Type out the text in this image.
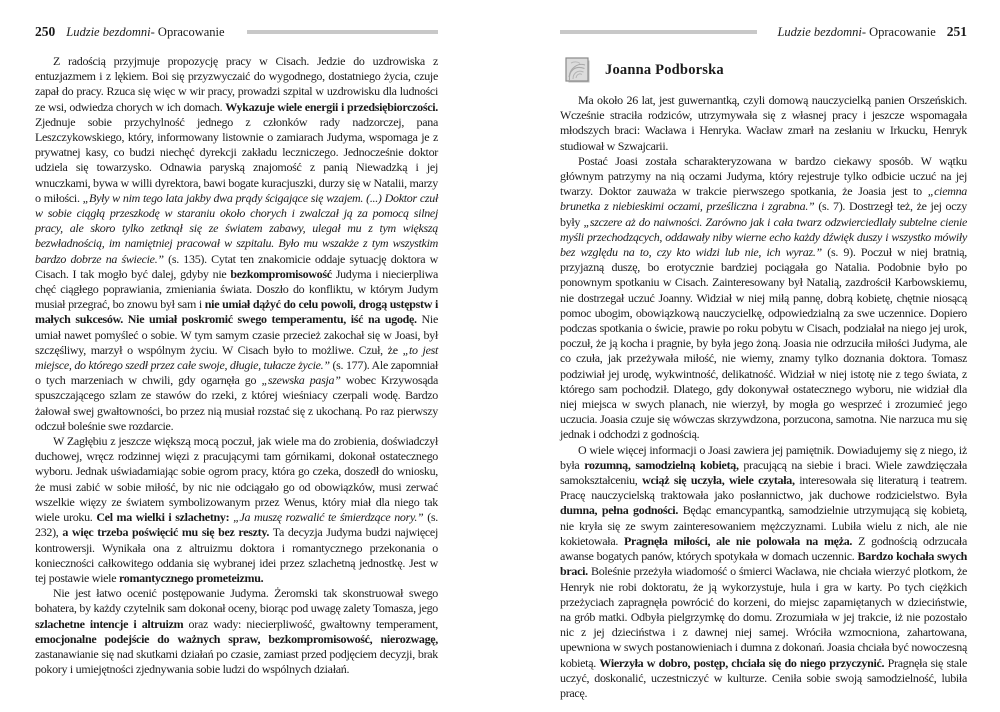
250 Ludzie bezdomni - Opracowanie

Z radością przyjmuje propozycję pracy w Cisach. Jedzie do uzdrowiska z entuzjazmem i z lękiem. Boi się przyzwyczaić do wygodnego, dostatniego życia, czuje zapał do pracy. Rzuca się więc w wir pracy, prowadzi szpital w uzdrowisku dla ludności ze wsi, odwiedza chorych w ich domach. Wykazuje wiele energii i przedsiębiorczości. Zjednuje sobie przychylność jednego z członków rady nadzorczej, pana Leszczykowskiego, który, informowany listownie o zamiarach Judyma, wspomaga je z prywatnej kasy, co budzi niechęć dyrekcji zakładu leczniczego. Jednocześnie doktor udziela się towarzysko. Odnawia paryską znajomość z panią Niewadzką i jej wnuczkami, bywa w willi dyrektora, bawi bogate kuracjuszki, durzy się w Natalii, marzy o miłości. „Były w nim tego lata jakby dwa prądy ścigające się wzajem. (...) Doktor czuł w sobie ciągłą przeszkodę w staraniu około chorych i zwalczał ją za pomocą silnej pracy, ale skoro tylko zetknął się ze światem zabawy, ulegał mu z tym większą bezwładnością, im namiętniej pracował w szpitalu. Było mu wszakże z tym wszystkim bardzo dobrze na świecie.” (s. 135). Cytat ten znakomicie oddaje sytuację doktora w Cisach. I tak mogło być dalej, gdyby nie bezkompromisowość Judyma i niecierpliwa chęć ciągłego poprawiania, zmieniania świata. Doszło do konfliktu, w którym Judym musiał przegrać, bo znowu był sam i nie umiał dążyć do celu powoli, drogą ustępstw i małych sukcesów. Nie umiał poskromić swego temperamentu, iść na ugodę. Nie umiał nawet pomyśleć o sobie. W tym samym czasie przecież zakochał się w Joasi, był szczęśliwy, marzył o wspólnym życiu. W Cisach było to możliwe. Czuł, że „to jest miejsce, do którego szedł przez całe swoje, długie, tułacze życie.” (s. 177). Ale zapomniał o tych marzeniach w chwili, gdy ogarnęła go „szewska pasja” wobec Krzywosąda spuszczającego szlam ze stawów do rzeki, z której wieśniacy czerpali wodę. Bardzo żałował swej gwałtowności, bo przez nią musiał rozstać się z ukochaną. Po raz pierwszy odczuł boleśnie swe rozdarcie.

W Zagłębiu z jeszcze większą mocą poczuł, jak wiele ma do zrobienia, doświadczył duchowej, wręcz rodzinnej więzi z pracującymi tam górnikami, dokonał ostatecznego wyboru. Jednak uświadamiając sobie ogrom pracy, która go czeka, doszedł do wniosku, że musi zabić w sobie miłość, by nic nie odciągało go od obowiązków, musi zerwać wszelkie więzy ze światem symbolizowanym przez Wenus, który miał dla niego tak wiele uroku. Cel ma wielki i szlachetny: „Ja muszę rozwalić te śmierdzące nory.” (s. 232), a więc trzeba poświęcić mu się bez reszty. Ta decyzja Judyma budzi najwięcej kontrowersji. Wynikała ona z altruizmu doktora i romantycznego przekonania o konieczności całkowitego oddania się wybranej idei przez szlachetną jednostkę. Jest w tej postawie wiele romantycznego prometeizmu.

Nie jest łatwo ocenić postępowanie Judyma. Żeromski tak skonstruował swego bohatera, by każdy czytelnik sam dokonał oceny, biorąc pod uwagę zalety Tomasza, jego szlachetne intencje i altruizm oraz wady: niecierpliwość, gwałtowny temperament, emocjonalne podejście do ważnych spraw, bezkompromisowość, nierozwagę, zastanawianie się nad skutkami działań po czasie, zamiast przed podjęciem decyzji, brak pokory i umiejętności zjednywania sobie ludzi do wspólnych działań.

Ludzie bezdomni - Opracowanie 251
Joanna Podborska

Ma około 26 lat, jest guwernantką, czyli domową nauczycielką panien Orszeńskich. Wcześnie straciła rodziców, utrzymywała się z własnej pracy i jeszcze wspomagała młodszych braci: Wacława i Henryka. Wacław zmarł na zesłaniu w Irkucku, Henryk studiował w Szwajcarii.

Postać Joasi została scharakteryzowana w bardzo ciekawy sposób. W wątku głównym patrzymy na nią oczami Judyma, który rejestruje tylko odbicie uczuć na jej twarzy. Doktor zauważa w trakcie pierwszego spotkania, że Joasia jest to „ciemna brunetka z niebieskimi oczami, prześliczna i zgrabna.” (s. 7). Dostrzegł też, że jej oczy były „szczere aż do naiwności. Zarówno jak i cała twarz odzwierciedlały subtelne cienie myśli przechodzących, oddawały niby wierne echo każdy dźwięk duszy i wszystko mówiły bez względu na to, czy kto widzi lub nie, ich wyraz.” (s. 9). Poczuł w niej bratnią, przyjazną duszę, bo erotycznie bardziej pociągała go Natalia. Podobnie było po ponownym spotkaniu w Cisach. Zainteresowany był Natalią, zazdrościł Karbowskiemu, nie dostrzegał uczuć Joanny. Widział w niej miłą pannę, dobrą kobietę, chętnie niosącą pomoc ubogim, obowiązkową nauczycielkę, odpowiedzialną za swe uczennice. Dopiero podczas spotkania o świcie, prawie po roku pobytu w Cisach, podziałał na niego jej urok, poczuł, że ją kocha i pragnie, by była jego żoną. Joasia nie odrzuciła miłości Judyma, ale co czuła, jak przeżywała miłość, nie wiemy, znamy tylko doznania doktora. Tomasz podziwiał jej urodę, wykwintność, delikatność. Widział w niej istotę nie z tego świata, z którego sam pochodził. Dlatego, gdy dokonywał ostatecznego wyboru, nie widział dla niej miejsca w swych planach, nie wierzył, by mogła go wesprzeć i zrozumieć jego uczucia. Joasia czuje się wówczas skrzywdzona, porzucona, samotna. Nie narzuca mu się jednak i odchodzi z godnością.

O wiele więcej informacji o Joasi zawiera jej pamiętnik. Dowiadujemy się z niego, iż była rozumną, samodzielną kobietą, pracującą na siebie i braci. Wiele zawdzięczała samokształceniu, wciąż się uczyła, wiele czytała, interesowała się literaturą i teatrem. Pracę nauczycielską traktowała jako posłannictwo, jak duchowe rodzicielstwo. Była dumna, pełna godności. Będąc emancypantką, samodzielnie utrzymującą się kobietą, nie kryła się ze swym zainteresowaniem mężczyznami. Lubiła wielu z nich, ale nie kokietowała. Pragnęła miłości, ale nie polowała na męża. Z godnością odrzucała awanse bogatych panów, których spotykała w domach uczennic. Bardzo kochała swych braci. Boleśnie przeżyła wiadomość o śmierci Wacława, nie chciała wierzyć plotkom, że Henryk nie robi doktoratu, że ją wykorzystuje, hula i gra w karty. Po tych ciężkich przeżyciach zapragnęła powrócić do korzeni, do miejsc zapamiętanych w dzieciństwie, na grób matki. Odbyła pielgrzymkę do domu. Zrozumiała w jej trakcie, iż nie pozostało nic z jej dzieciństwa i z dawnej niej samej. Wróciła wzmocniona, zahartowana, upewniona w swych postanowieniach i dumna z dokonań. Joasia chciała być nowoczesną kobietą. Wierzyła w dobro, postęp, chciała się do niego przyczynić. Pragnęła się stale uczyć, doskonalić, uczestniczyć w kulturze. Ceniła sobie swoją samodzielność, lubiła pracę.
